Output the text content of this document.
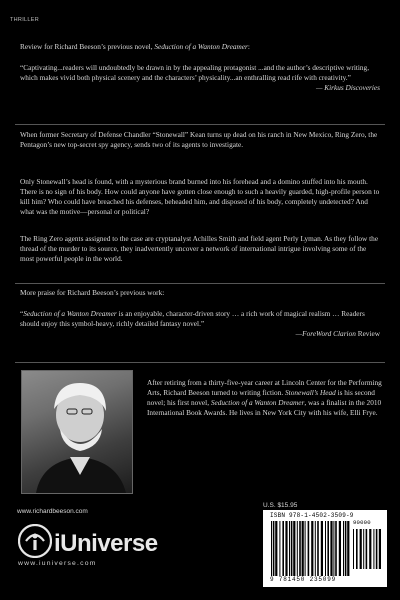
THRILLER
Review for Richard Beeson’s previous novel, Seduction of a Wanton Dreamer:
“Captivating...readers will undoubtedly be drawn in by the appealing protagonist ...and the author’s descriptive writing, which makes vivid both physical scenery and the characters’ physicality...an enthralling read rife with creativity.”
— Kirkus Discoveries
When former Secretary of Defense Chandler “Stonewall” Kean turns up dead on his ranch in New Mexico, Ring Zero, the Pentagon’s new top-secret spy agency, sends two of its agents to investigate.
Only Stonewall’s head is found, with a mysterious brand burned into his forehead and a domino stuffed into his mouth. There is no sign of his body. How could anyone have gotten close enough to such a heavily guarded, high-profile person to kill him? Who could have breached his defenses, beheaded him, and disposed of his body, completely undetected? And what was the motive—personal or political?
The Ring Zero agents assigned to the case are cryptanalyst Achilles Smith and field agent Perly Lyman. As they follow the thread of the murder to its source, they inadvertently uncover a network of international intrigue involving some of the most powerful people in the world.
More praise for Richard Beeson’s previous work:
“Seduction of a Wanton Dreamer is an enjoyable, character-driven story … a rich work of magical realism … Readers should enjoy this symbol-heavy, richly detailed fantasy novel.”
—ForeWord Clarion Review
After retiring from a thirty-five-year career at Lincoln Center for the Performing Arts, Richard Beeson turned to writing fiction. Stonewall’s Head is his second novel; his first novel, Seduction of a Wanton Dreamer, was a finalist in the 2010 International Book Awards. He lives in New York City with his wife, Elli Frye.
U.S. $15.95
www.richardbeeson.com
iUniverse
www.iuniverse.com
ISBN 978-1-4502-3509-9
90000
9 781450 235099
